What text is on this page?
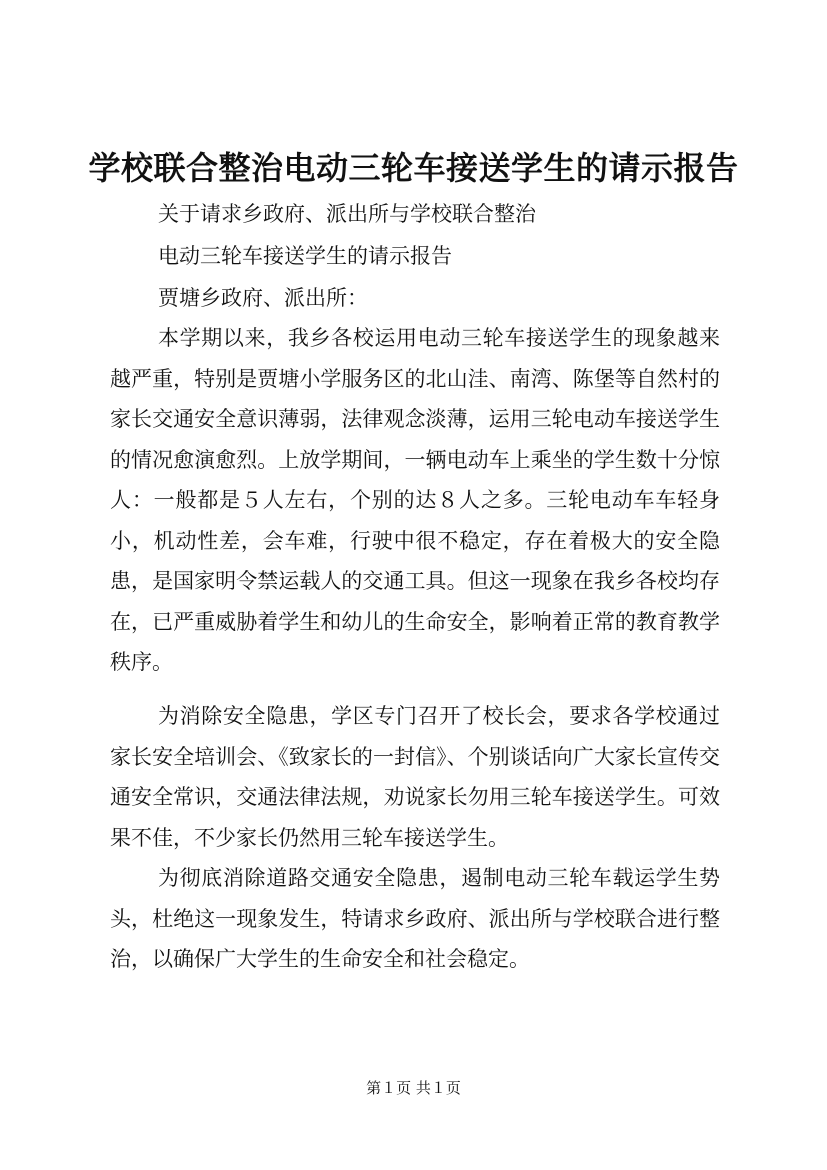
学校联合整治电动三轮车接送学生的请示报告

关于请求乡政府、派出所与学校联合整治

电动三轮车接送学生的请示报告

贾塘乡政府、派出所：

本学期以来，我乡各校运用电动三轮车接送学生的现象越来越严重，特别是贾塘小学服务区的北山洼、南湾、陈堡等自然村的家长交通安全意识薄弱，法律观念淡薄，运用三轮电动车接送学生的情况愈演愈烈。上放学期间，一辆电动车上乘坐的学生数十分惊人：一般都是５人左右，个别的达８人之多。三轮电动车车轻身小，机动性差，会车难，行驶中很不稳定，存在着极大的安全隐患，是国家明令禁运载人的交通工具。但这一现象在我乡各校均存在，已严重威胁着学生和幼儿的生命安全，影响着正常的教育教学秩序。

为消除安全隐患，学区专门召开了校长会，要求各学校通过家长安全培训会、《致家长的一封信》、个别谈话向广大家长宣传交通安全常识，交通法律法规，劝说家长勿用三轮车接送学生。可效果不佳，不少家长仍然用三轮车接送学生。

为彻底消除道路交通安全隐患，遏制电动三轮车载运学生势头，杜绝这一现象发生，特请求乡政府、派出所与学校联合进行整治，以确保广大学生的生命安全和社会稳定。

第１页 共１页
